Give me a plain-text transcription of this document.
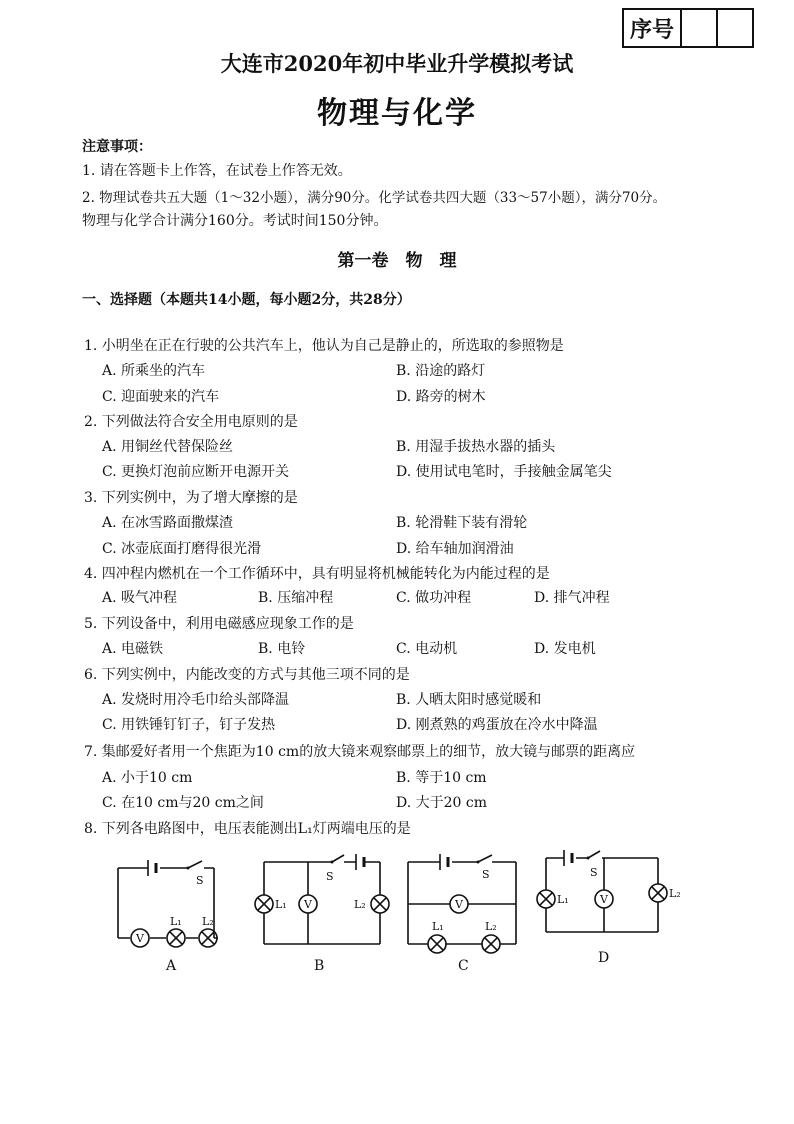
序号
大连市2020年初中毕业升学模拟考试
物理与化学
注意事项：
1. 请在答题卡上作答，在试卷上作答无效。
2. 物理试卷共五大题（1～32小题），满分90分。化学试卷共四大题（33～57小题），满分70分。
物理与化学合计满分160分。考试时间150分钟。
第一卷　物　理
一、选择题（本题共14小题，每小题2分，共28分）
1. 小明坐在正在行驶的公共汽车上，他认为自己是静止的，所选取的参照物是
A. 所乘坐的汽车	B. 沿途的路灯
C. 迎面驶来的汽车	D. 路旁的树木
2. 下列做法符合安全用电原则的是
A. 用铜丝代替保险丝	B. 用湿手拔热水器的插头
C. 更换灯泡前应断开电源开关	D. 使用试电笔时，手接触金属笔尖
3. 下列实例中，为了增大摩擦的是
A. 在冰雪路面撒煤渣	B. 轮滑鞋下装有滑轮
C. 冰壶底面打磨得很光滑	D. 给车轴加润滑油
4. 四冲程内燃机在一个工作循环中，具有明显将机械能转化为内能过程的是
A. 吸气冲程	B. 压缩冲程	C. 做功冲程	D. 排气冲程
5. 下列设备中，利用电磁感应现象工作的是
A. 电磁铁	B. 电铃	C. 电动机	D. 发电机
6. 下列实例中，内能改变的方式与其他三项不同的是
A. 发烧时用冷毛巾给头部降温	B. 人晒太阳时感觉暖和
C. 用铁锤钉钉子，钉子发热	D. 刚煮熟的鸡蛋放在冷水中降温
7. 集邮爱好者用一个焦距为10 cm的放大镜来观察邮票上的细节，放大镜与邮票的距离应
A. 小于10 cm	B. 等于10 cm
C. 在10 cm与20 cm之间	D. 大于20 cm
8. 下列各电路图中，电压表能测出L₁灯两端电压的是
S
V
L₁ L₂
A
S
L₁ V	L₂
B
S
V
L₁	L₂
C
S
L₁	V	L₂
D
